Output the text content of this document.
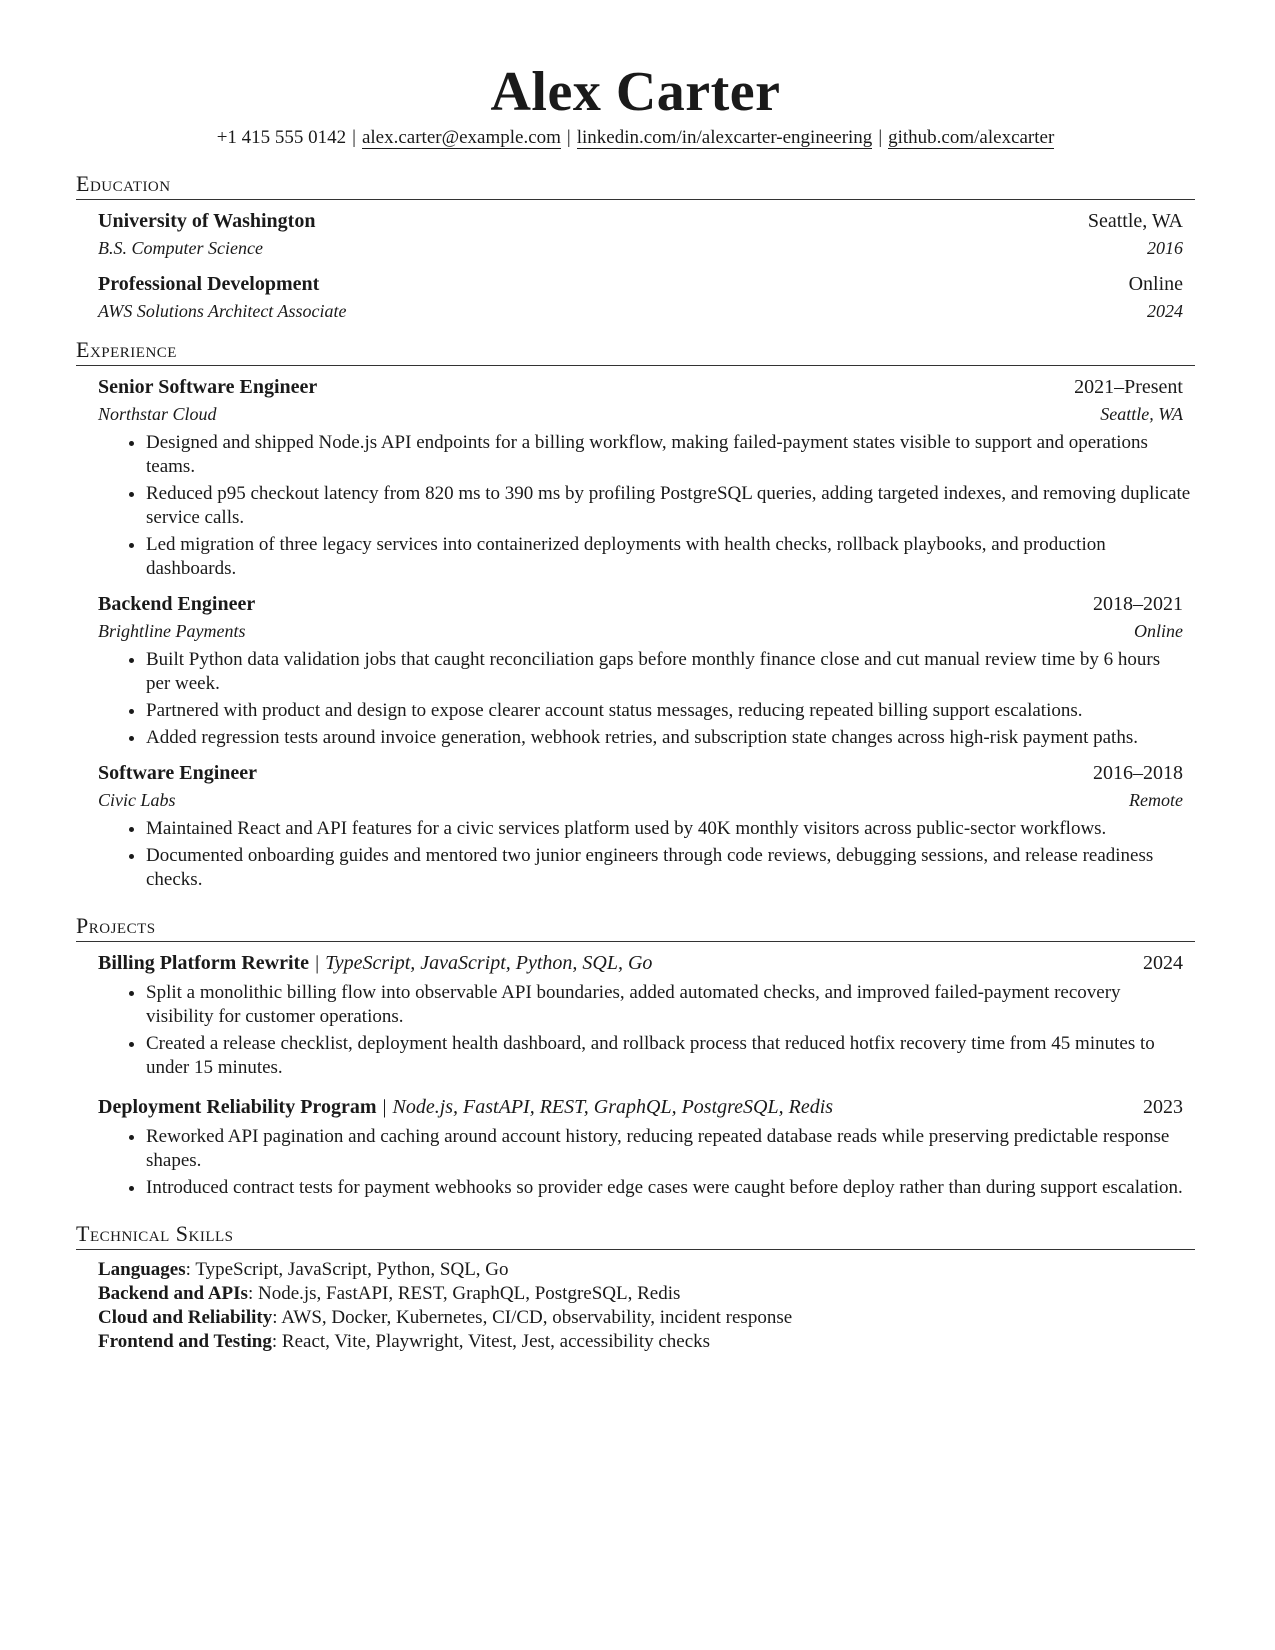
Alex Carter
+1 415 555 0142 | alex.carter@example.com | linkedin.com/in/alexcarter-engineering | github.com/alexcarter
Education
University of Washington	Seattle, WA
B.S. Computer Science	2016
Professional Development	Online
AWS Solutions Architect Associate	2024
Experience
Senior Software Engineer	2021–Present
Northstar Cloud	Seattle, WA
• Designed and shipped Node.js API endpoints for a billing workflow, making failed-payment states visible to support and operations teams.
• Reduced p95 checkout latency from 820 ms to 390 ms by profiling PostgreSQL queries, adding targeted indexes, and removing duplicate service calls.
• Led migration of three legacy services into containerized deployments with health checks, rollback playbooks, and production dashboards.
Backend Engineer	2018–2021
Brightline Payments	Online
• Built Python data validation jobs that caught reconciliation gaps before monthly finance close and cut manual review time by 6 hours per week.
• Partnered with product and design to expose clearer account status messages, reducing repeated billing support escalations.
• Added regression tests around invoice generation, webhook retries, and subscription state changes across high-risk payment paths.
Software Engineer	2016–2018
Civic Labs	Remote
• Maintained React and API features for a civic services platform used by 40K monthly visitors across public-sector workflows.
• Documented onboarding guides and mentored two junior engineers through code reviews, debugging sessions, and release readiness checks.
Projects
Billing Platform Rewrite | TypeScript, JavaScript, Python, SQL, Go	2024
• Split a monolithic billing flow into observable API boundaries, added automated checks, and improved failed-payment recovery visibility for customer operations.
• Created a release checklist, deployment health dashboard, and rollback process that reduced hotfix recovery time from 45 minutes to under 15 minutes.
Deployment Reliability Program | Node.js, FastAPI, REST, GraphQL, PostgreSQL, Redis	2023
• Reworked API pagination and caching around account history, reducing repeated database reads while preserving predictable response shapes.
• Introduced contract tests for payment webhooks so provider edge cases were caught before deploy rather than during support escalation.
Technical Skills
Languages: TypeScript, JavaScript, Python, SQL, Go
Backend and APIs: Node.js, FastAPI, REST, GraphQL, PostgreSQL, Redis
Cloud and Reliability: AWS, Docker, Kubernetes, CI/CD, observability, incident response
Frontend and Testing: React, Vite, Playwright, Vitest, Jest, accessibility checks
